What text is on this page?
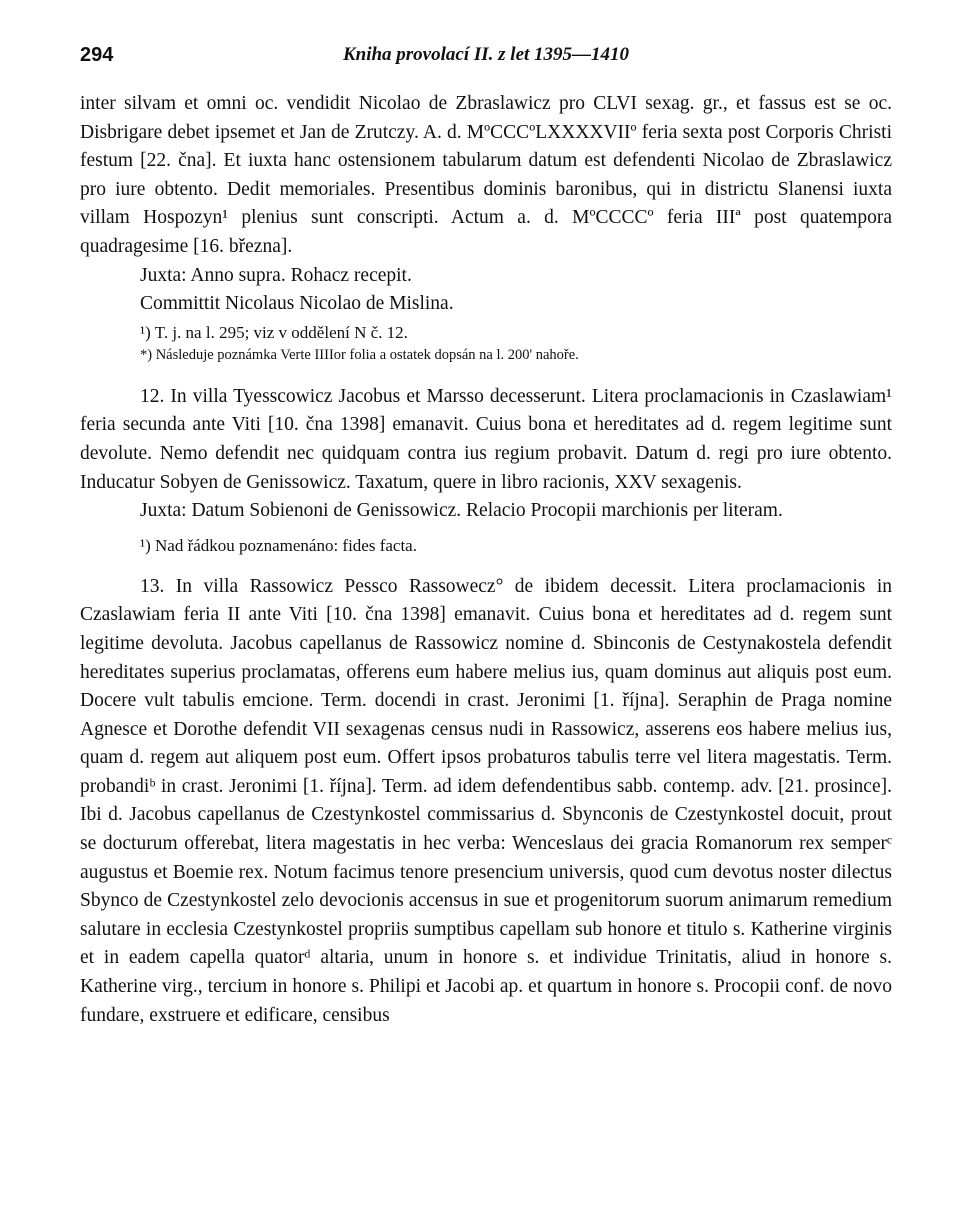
294	Kniha provolací II. z let 1395—1410

inter silvam et omni oc. vendidit Nicolao de Zbraslawicz pro CLVI sexag. gr., et fassus est se oc. Disbrigare debet ipsemet et Jan de Zrutczy. A. d. MºCCCºLXXXXVIIº feria sexta post Corporis Christi festum [22. čna]. Et iuxta hanc ostensionem tabularum datum est defendenti Nicolao de Zbraslawicz pro iure obtento. Dedit memoriales. Presentibus dominis baronibus, qui in districtu Slanensi iuxta villam Hospozyn¹ plenius sunt conscripti. Actum a. d. MºCCCCº feria IIIª post quatempora quadragesime [16. března].

Juxta: Anno supra. Rohacz recepit.

Committit Nicolaus Nicolao de Mislina.

¹) T. j. na l. 295; viz v oddělení N č. 12.

*) Následuje poznámka Verte IIIIor folia a ostatek dopsán na l. 200' nahoře.

12. In villa Tyesscowicz Jacobus et Marsso decesserunt. Litera proclamacionis in Czaslawiam¹ feria secunda ante Viti [10. čna 1398] emanavit. Cuius bona et hereditates ad d. regem legitime sunt devolute. Nemo defendit nec quidquam contra ius regium probavit. Datum d. regi pro iure obtento. Inducatur Sobyen de Genissowicz. Taxatum, quere in libro racionis, XXV sexagenis.

Juxta: Datum Sobienoni de Genissowicz. Relacio Procopii marchionis per literam.

¹) Nad řádkou poznamenáno: fides facta.

13. In villa Rassowicz Pessco Rassowecz° de ibidem decessit. Litera proclamacionis in Czaslawiam feria II ante Viti [10. čna 1398] emanavit. Cuius bona et hereditates ad d. regem sunt legitime devoluta. Jacobus capellanus de Rassowicz nomine d. Sbinconis de Cestynakostela defendit hereditates superius proclamatas, offerens eum habere melius ius, quam dominus aut aliquis post eum. Docere vult tabulis emcione. Term. docendi in crast. Jeronimi [1. října]. Seraphin de Praga nomine Agnesce et Dorothe defendit VII sexagenas census nudi in Rassowicz, asserens eos habere melius ius, quam d. regem aut aliquem post eum. Offert ipsos probaturos tabulis terre vel litera magestatis. Term. probandiᵇ in crast. Jeronimi [1. října]. Term. ad idem defendentibus sabb. contemp. adv. [21. prosince]. Ibi d. Jacobus capellanus de Czestynkostel commissarius d. Sbynconis de Czestynkostel docuit, prout se docturum offerebat, litera magestatis in hec verba: Wenceslaus dei gracia Romanorum rex semperᶜ augustus et Boemie rex. Notum facimus tenore presencium universis, quod cum devotus noster dilectus Sbynco de Czestynkostel zelo devocionis accensus in sue et progenitorum suorum animarum remedium salutare in ecclesia Czestynkostel propriis sumptibus capellam sub honore et titulo s. Katherine virginis et in eadem capella quatorᵈ altaria, unum in honore s. et individue Trinitatis, aliud in honore s. Katherine virg., tercium in honore s. Philipi et Jacobi ap. et quartum in honore s. Procopii conf. de novo fundare, exstruere et edificare, censibus
